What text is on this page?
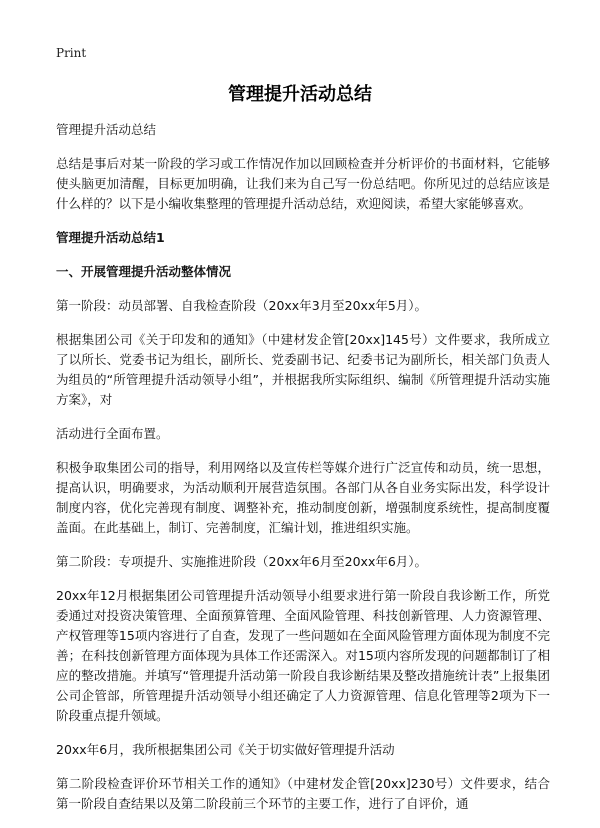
Print
管理提升活动总结

管理提升活动总结

总结是事后对某一阶段的学习或工作情况作加以回顾检查并分析评价的书面材料，它能够使头脑更加清醒，目标更加明确，让我们来为自己写一份总结吧。你所见过的总结应该是什么样的？以下是小编收集整理的管理提升活动总结，欢迎阅读，希望大家能够喜欢。

管理提升活动总结1
一、开展管理提升活动整体情况

第一阶段：动员部署、自我检查阶段（20xx年3月至20xx年5月）。

根据集团公司《关于印发和的通知》（中建材发企管[20xx]145号）文件要求，我所成立了以所长、党委书记为组长，副所长、党委副书记、纪委书记为副所长，相关部门负责人为组员的“所管理提升活动领导小组”，并根据我所实际组织、编制《所管理提升活动实施方案》，对

活动进行全面布置。

积极争取集团公司的指导，利用网络以及宣传栏等媒介进行广泛宣传和动员，统一思想，提高认识，明确要求，为活动顺利开展营造氛围。各部门从各自业务实际出发，科学设计制度内容，优化完善现有制度、调整补充，推动制度创新，增强制度系统性，提高制度覆盖面。在此基础上，制订、完善制度，汇编计划，推进组织实施。

第二阶段：专项提升、实施推进阶段（20xx年6月至20xx年6月）。

20xx年12月根据集团公司管理提升活动领导小组要求进行第一阶段自我诊断工作，所党委通过对投资决策管理、全面预算管理、全面风险管理、科技创新管理、人力资源管理、产权管理等15项内容进行了自查，发现了一些问题如在全面风险管理方面体现为制度不完善；在科技创新管理方面体现为具体工作还需深入。对15项内容所发现的问题都制订了相应的整改措施。并填写“管理提升活动第一阶段自我诊断结果及整改措施统计表”上报集团公司企管部，所管理提升活动领导小组还确定了人力资源管理、信息化管理等2项为下一阶段重点提升领域。

20xx年6月，我所根据集团公司《关于切实做好管理提升活动

第二阶段检查评价环节相关工作的通知》（中建材发企管[20xx]230号）文件要求，结合第一阶段自查结果以及第二阶段前三个环节的主要工作，进行了自评价，通
